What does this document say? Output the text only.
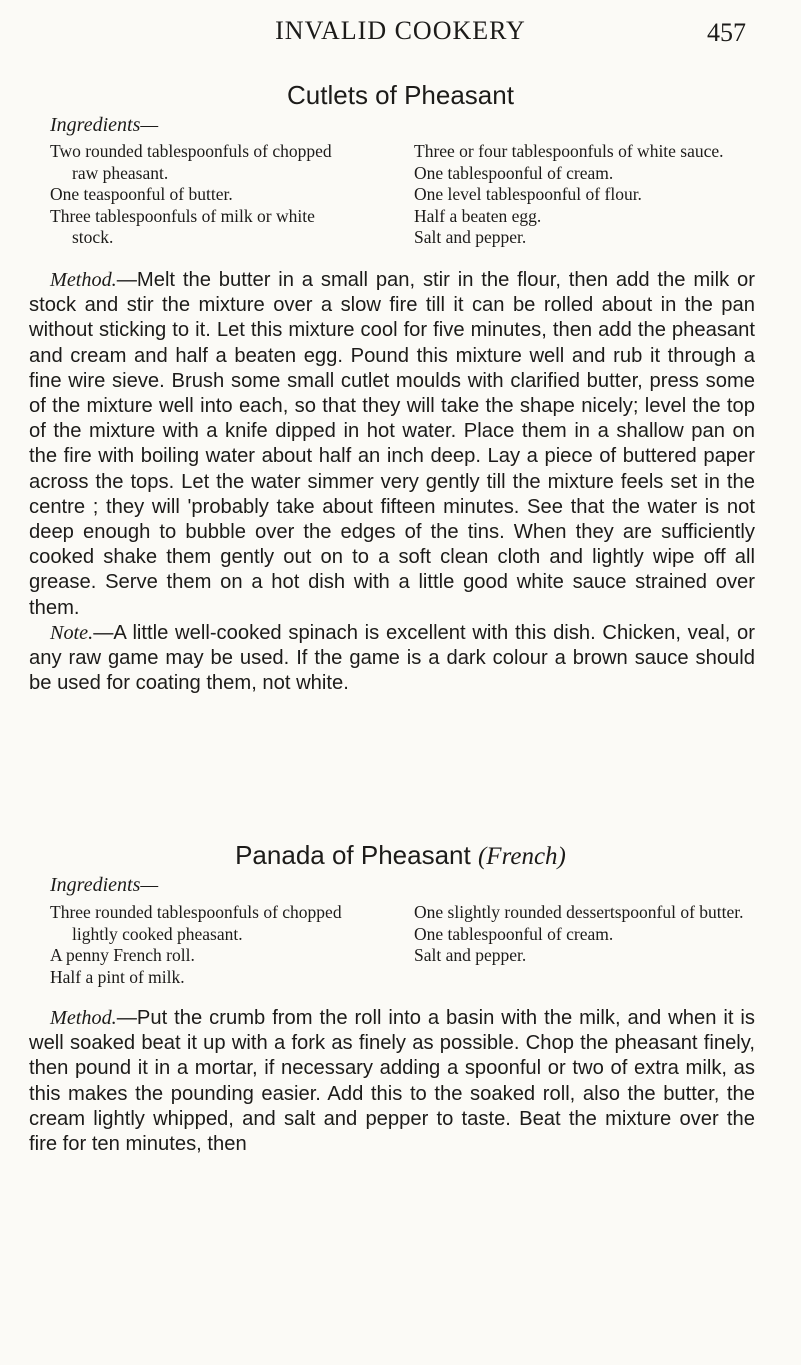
INVALID COOKERY	457
Cutlets of Pheasant
Ingredients—

Two rounded tablespoonfuls of chopped raw pheasant.

One teaspoonful of butter.

Three tablespoonfuls of milk or white stock.

Three or four tablespoonfuls of white sauce.

One tablespoonful of cream.

One level tablespoonful of flour.

Half a beaten egg.

Salt and pepper.

Method.—Melt the butter in a small pan, stir in the flour, then add the milk or stock and stir the mixture over a slow fire till it can be rolled about in the pan without sticking to it. Let this mixture cool for five minutes, then add the pheasant and cream and half a beaten egg. Pound this mixture well and rub it through a fine wire sieve. Brush some small cutlet moulds with clarified butter, press some of the mixture well into each, so that they will take the shape nicely; level the top of the mixture with a knife dipped in hot water. Place them in a shallow pan on the fire with boiling water about half an inch deep. Lay a piece of buttered paper across the tops. Let the water simmer very gently till the mixture feels set in the centre ; they will 'probably take about fifteen minutes. See that the water is not deep enough to bubble over the edges of the tins. When they are sufficiently cooked shake them gently out on to a soft clean cloth and lightly wipe off all grease. Serve them on a hot dish with a little good white sauce strained over them.

Note.—A little well-cooked spinach is excellent with this dish. Chicken, veal, or any raw game may be used. If the game is a dark colour a brown sauce should be used for coating them, not white.

Panada of Pheasant (French)
Ingredients—

Three rounded tablespoonfuls of chopped lightly cooked pheasant.

A penny French roll.

Half a pint of milk.

One slightly rounded dessertspoonful of butter.

One tablespoonful of cream.

Salt and pepper.

Method.—Put the crumb from the roll into a basin with the milk, and when it is well soaked beat it up with a fork as finely as possible. Chop the pheasant finely, then pound it in a mortar, if necessary adding a spoonful or two of extra milk, as this makes the pounding easier. Add this to the soaked roll, also the butter, the cream lightly whipped, and salt and pepper to taste. Beat the mixture over the fire for ten minutes, then
